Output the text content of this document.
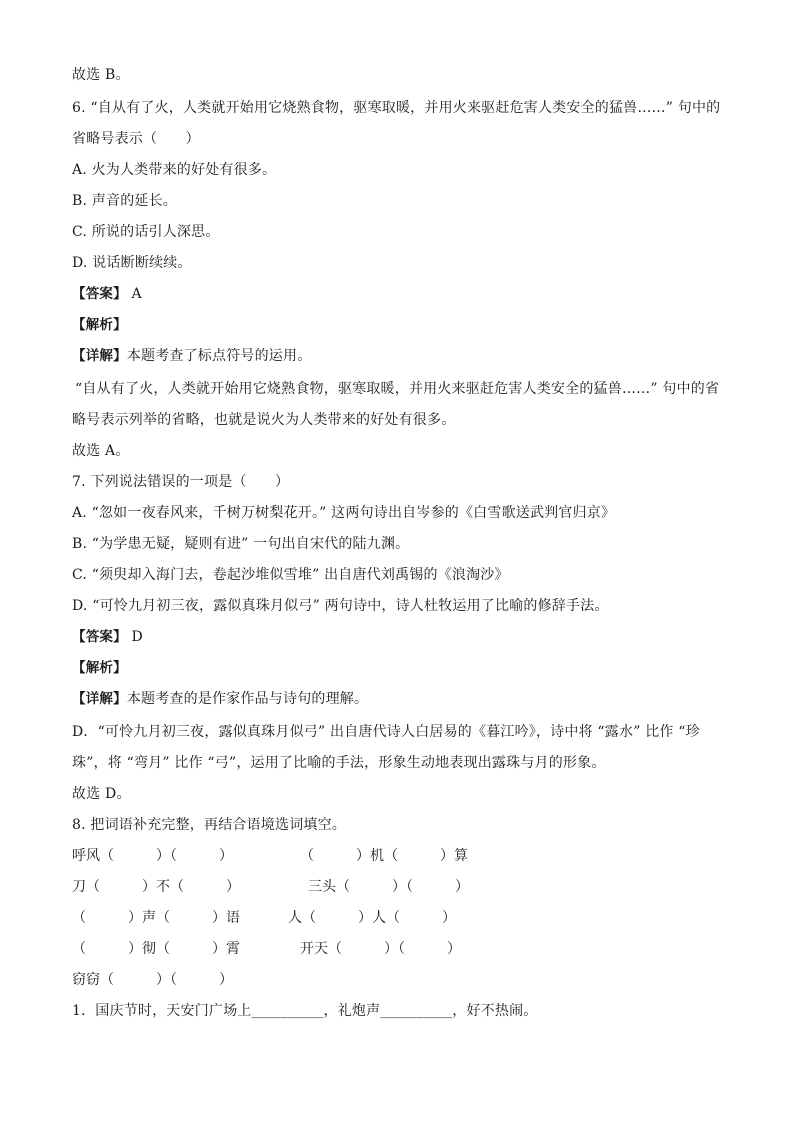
故选 B。
6. “自从有了火，人类就开始用它烧熟食物，驱寒取暖，并用火来驱赶危害人类安全的猛兽……” 句中的
省略号表示（　　）
A. 火为人类带来的好处有很多。
B. 声音的延长。
C. 所说的话引人深思。
D. 说话断断续续。
【答案】 A
【解析】
【详解】本题考查了标点符号的运用。
“自从有了火，人类就开始用它烧熟食物，驱寒取暖，并用火来驱赶危害人类安全的猛兽……” 句中的省
略号表示列举的省略，也就是说火为人类带来的好处有很多。
故选 A。
7. 下列说法错误的一项是（　　）
A. “忽如一夜春风来，千树万树梨花开。” 这两句诗出自岑参的《白雪歌送武判官归京》
B. “为学患无疑，疑则有进” 一句出自宋代的陆九渊。
C. “须臾却入海门去，卷起沙堆似雪堆” 出自唐代刘禹锡的《浪淘沙》
D. “可怜九月初三夜，露似真珠月似弓” 两句诗中，诗人杜牧运用了比喻的修辞手法。
【答案】 D
【解析】
【详解】本题考查的是作家作品与诗句的理解。
D．“可怜九月初三夜，露似真珠月似弓” 出自唐代诗人白居易的《暮江吟》，诗中将 “露水” 比作 “珍
珠”，将 “弯月” 比作 “弓”，运用了比喻的手法，形象生动地表现出露珠与月的形象。
故选 D。
8. 把词语补充完整，再结合语境选词填空。
呼风（　　　）（　　　）	（　　　）机（　　　）算
刀（　　　）不（　　　）	三头（　　　）（　　　）
（　　　）声（　　　）语	人（　　　）人（　　　）
（　　　）彻（　　　）霄	开天（　　　）（　　　）
窃窃（　　　）（　　　）
1．国庆节时，天安门广场上__________，礼炮声__________，好不热闹。
